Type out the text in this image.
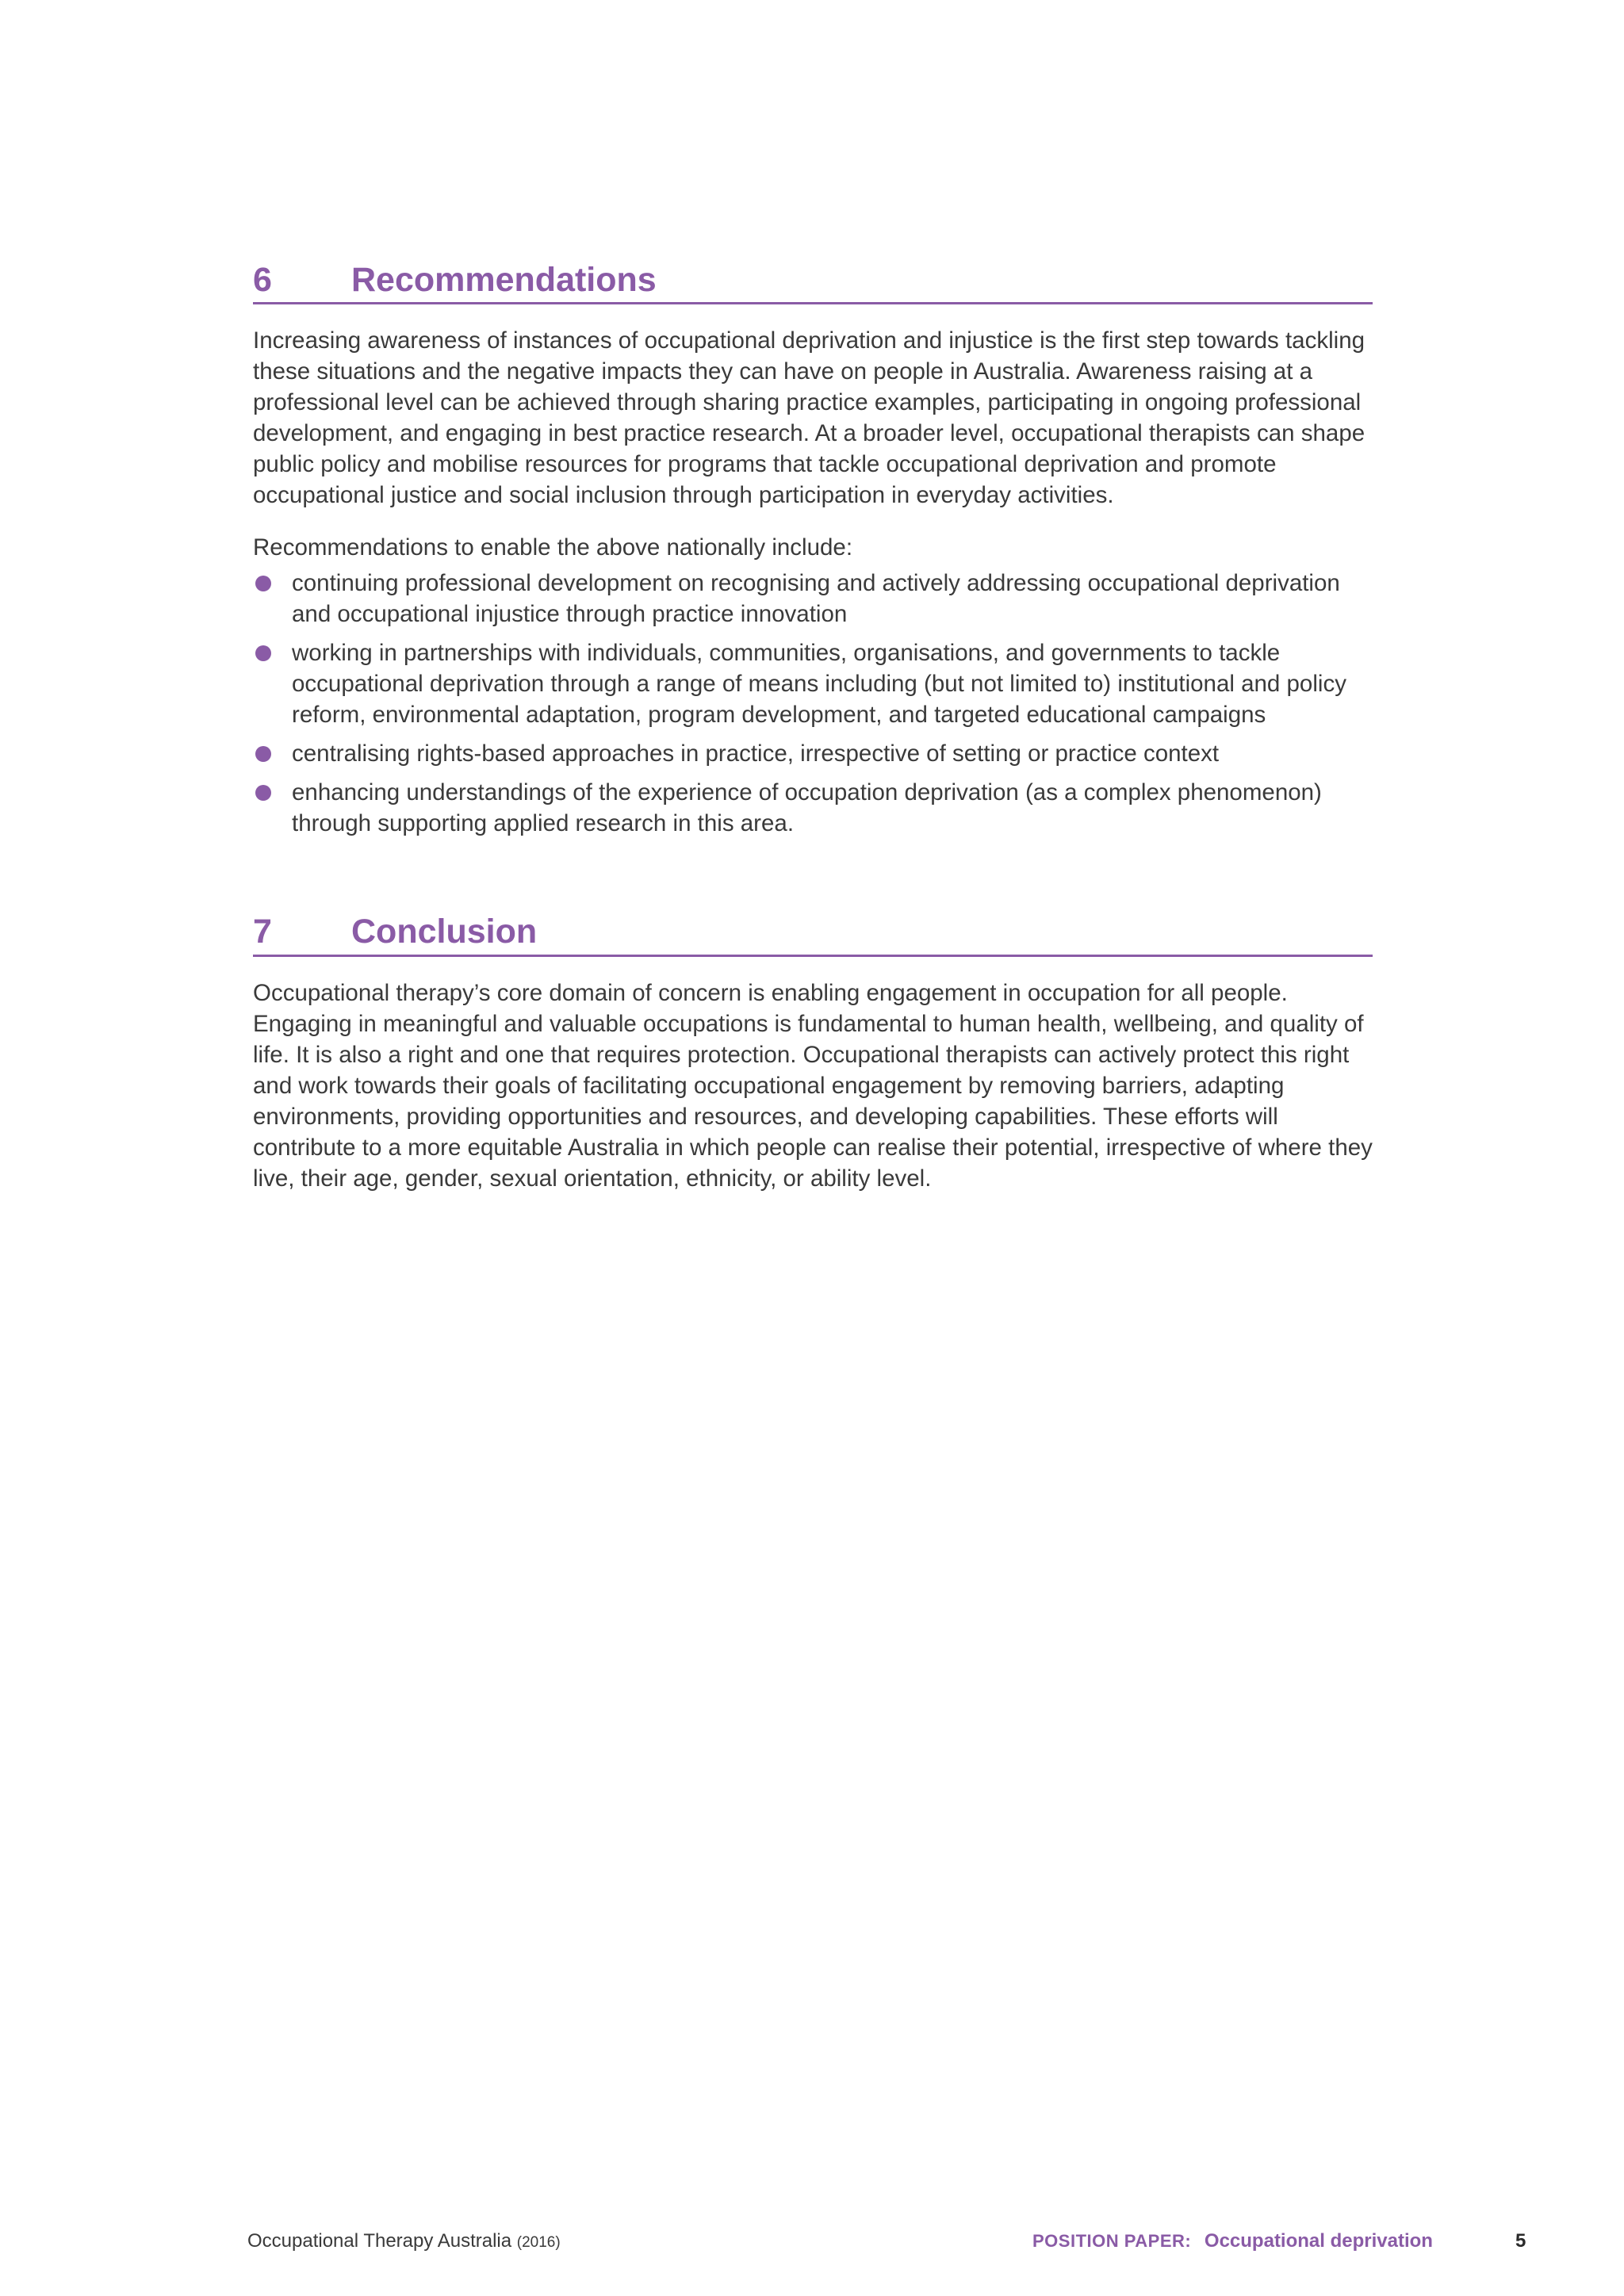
6	Recommendations

Increasing awareness of instances of occupational deprivation and injustice is the first step towards tackling these situations and the negative impacts they can have on people in Australia. Awareness raising at a professional level can be achieved through sharing practice examples, participating in ongoing professional development, and engaging in best practice research. At a broader level, occupational therapists can shape public policy and mobilise resources for programs that tackle occupational deprivation and promote occupational justice and social inclusion through participation in everyday activities.

Recommendations to enable the above nationally include:

continuing professional development on recognising and actively addressing occupational deprivation and occupational injustice through practice innovation
working in partnerships with individuals, communities, organisations, and governments to tackle occupational deprivation through a range of means including (but not limited to) institutional and policy reform, environmental adaptation, program development, and targeted educational campaigns
centralising rights-based approaches in practice, irrespective of setting or practice context
enhancing understandings of the experience of occupation deprivation (as a complex phenomenon) through supporting applied research in this area.
7	Conclusion

Occupational therapy’s core domain of concern is enabling engagement in occupation for all people. Engaging in meaningful and valuable occupations is fundamental to human health, wellbeing, and quality of life. It is also a right and one that requires protection. Occupational therapists can actively protect this right and work towards their goals of facilitating occupational engagement by removing barriers, adapting environments, providing opportunities and resources, and developing capabilities. These efforts will contribute to a more equitable Australia in which people can realise their potential, irrespective of where they live, their age, gender, sexual orientation, ethnicity, or ability level.

Occupational Therapy Australia (2016)	POSITION PAPER: Occupational deprivation	5
